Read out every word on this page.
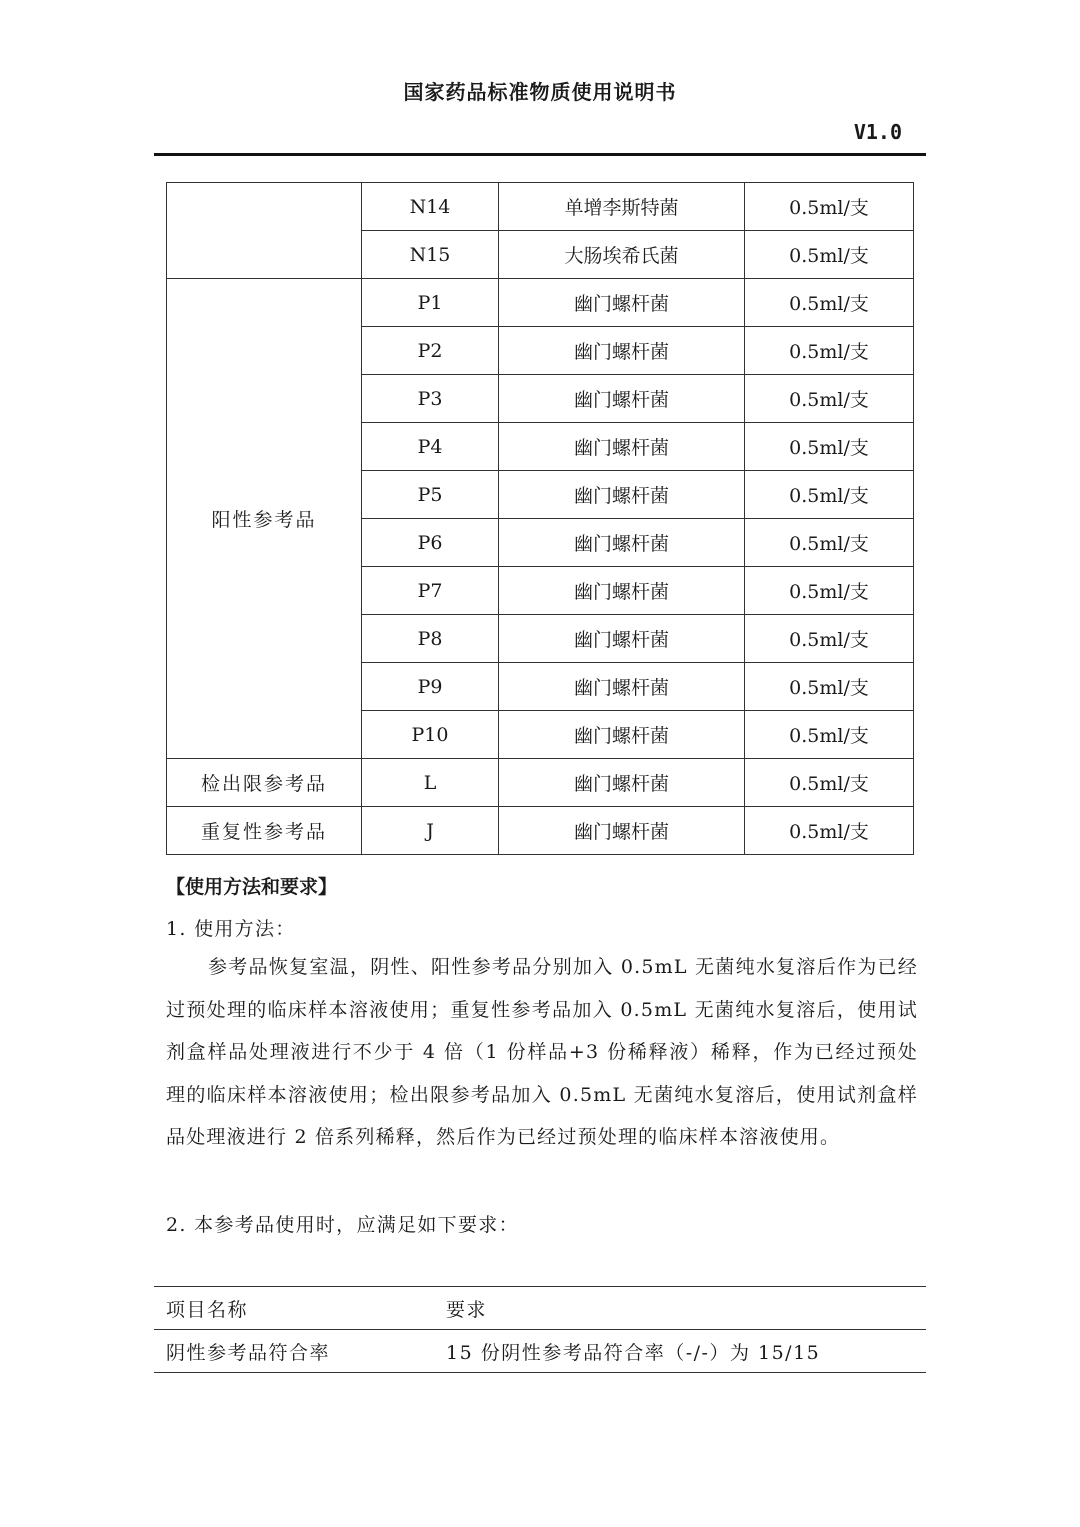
国家药品标准物质使用说明书
V1.0
	N14	单增李斯特菌	0.5ml/支
	N15	大肠埃希氏菌	0.5ml/支
阳性参考品	P1	幽门螺杆菌	0.5ml/支
	P2	幽门螺杆菌	0.5ml/支
	P3	幽门螺杆菌	0.5ml/支
	P4	幽门螺杆菌	0.5ml/支
	P5	幽门螺杆菌	0.5ml/支
	P6	幽门螺杆菌	0.5ml/支
	P7	幽门螺杆菌	0.5ml/支
	P8	幽门螺杆菌	0.5ml/支
	P9	幽门螺杆菌	0.5ml/支
	P10	幽门螺杆菌	0.5ml/支
检出限参考品	L	幽门螺杆菌	0.5ml/支
重复性参考品	J	幽门螺杆菌	0.5ml/支
【使用方法和要求】
1. 使用方法：
参考品恢复室温，阴性、阳性参考品分别加入 0.5mL 无菌纯水复溶后作为已经过预处理的临床样本溶液使用；重复性参考品加入 0.5mL 无菌纯水复溶后，使用试剂盒样品处理液进行不少于 4 倍（1 份样品+3 份稀释液）稀释，作为已经过预处理的临床样本溶液使用；检出限参考品加入 0.5mL 无菌纯水复溶后，使用试剂盒样品处理液进行 2 倍系列稀释，然后作为已经过预处理的临床样本溶液使用。
2. 本参考品使用时，应满足如下要求：
项目名称	要求
阴性参考品符合率	15 份阴性参考品符合率（-/-）为 15/15
